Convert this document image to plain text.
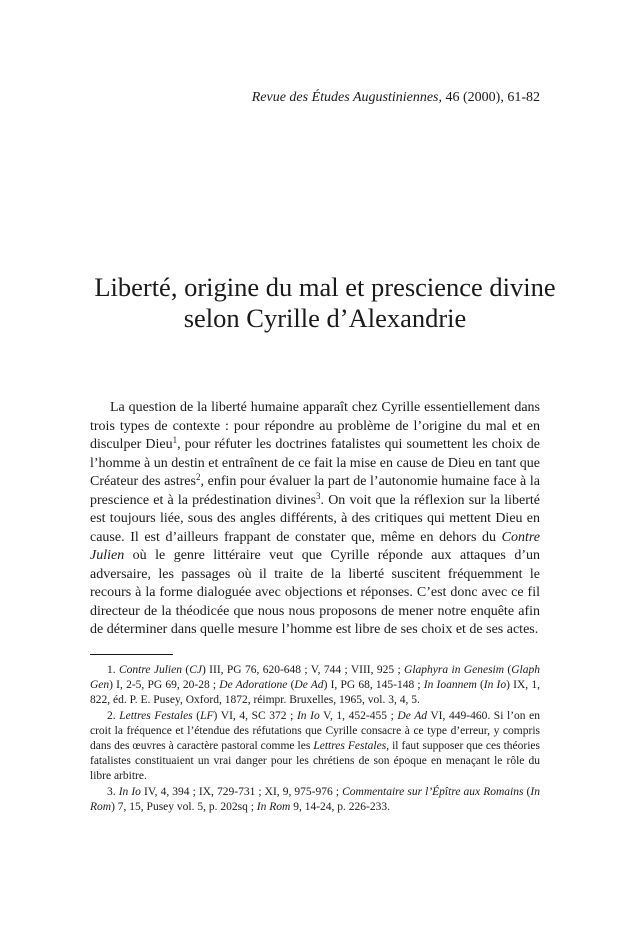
Revue des Études Augustiniennes, 46 (2000), 61-82
Liberté, origine du mal et prescience divine
selon Cyrille d’Alexandrie

La question de la liberté humaine apparaît chez Cyrille essentiellement dans trois types de contexte : pour répondre au problème de l’origine du mal et en disculper Dieu$^1$, pour réfuter les doctrines fatalistes qui soumettent les choix de l’homme à un destin et entraînent de ce fait la mise en cause de Dieu en tant que Créateur des astres$^2$, enfin pour évaluer la part de l’autonomie humaine face à la prescience et à la prédestination divines$^3$. On voit que la réflexion sur la liberté est toujours liée, sous des angles différents, à des critiques qui mettent Dieu en cause. Il est d’ailleurs frappant de constater que, même en dehors du Contre Julien où le genre littéraire veut que Cyrille réponde aux attaques d’un adversaire, les passages où il traite de la liberté suscitent fréquemment le recours à la forme dialoguée avec objections et réponses. C’est donc avec ce fil directeur de la théodicée que nous nous proposons de mener notre enquête afin de déterminer dans quelle mesure l’homme est libre de ses choix et de ses actes.

1. Contre Julien (CJ) III, PG 76, 620-648 ; V, 744 ; VIII, 925 ; Glaphyra in Genesim (Glaph Gen) I, 2-5, PG 69, 20-28 ; De Adoratione (De Ad) I, PG 68, 145-148 ; In Ioannem (In Io) IX, 1, 822, éd. P. E. Pusey, Oxford, 1872, réimpr. Bruxelles, 1965, vol. 3, 4, 5.

2. Lettres Festales (LF) VI, 4, SC 372 ; In Io V, 1, 452-455 ; De Ad VI, 449-460. Si l’on en croit la fréquence et l’étendue des réfutations que Cyrille consacre à ce type d’erreur, y compris dans des œuvres à caractère pastoral comme les Lettres Festales, il faut supposer que ces théories fatalistes constituaient un vrai danger pour les chrétiens de son époque en menaçant le rôle du libre arbitre.

3. In Io IV, 4, 394 ; IX, 729-731 ; XI, 9, 975-976 ; Commentaire sur l’Épître aux Romains (In Rom) 7, 15, Pusey vol. 5, p. 202sq ; In Rom 9, 14-24, p. 226-233.
